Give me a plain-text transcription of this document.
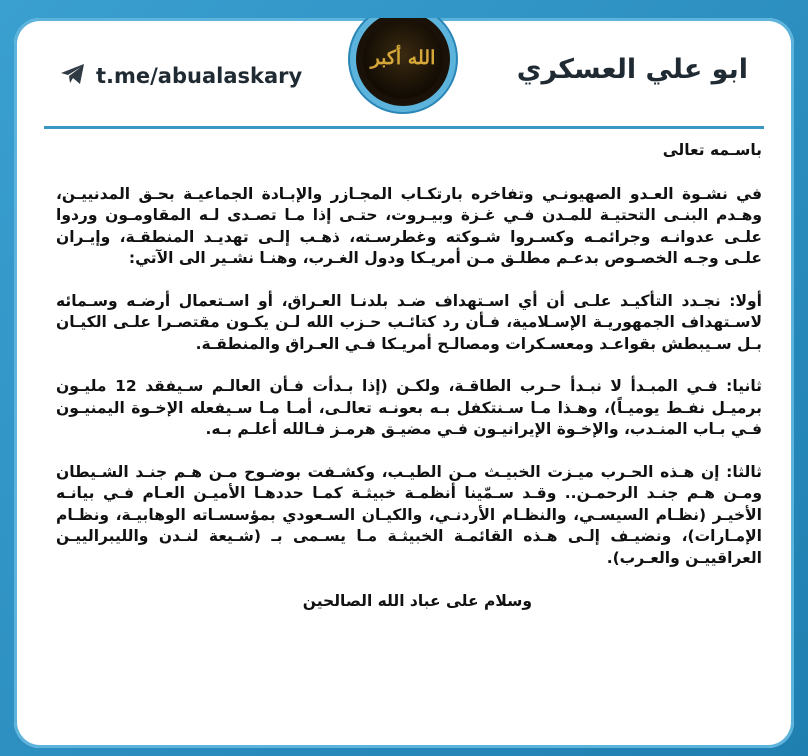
t.me/abualaskary
الله أكبر	ابو علي العسكري

باسـمه تعالى

في نشـوة العـدو الصهيونـي وتفاخره بارتكـاب المجـازر والإبـادة الجماعيـة بحـق المدنييـن، وهـدم البنـى التحتيـة للمـدن فـي غـزة وبيـروت، حتـى إذا مـا تصـدى لـه المقاومـون وردوا علـى عدوانـه وجرائمـه وكسـروا شـوكته وغطرسـته، ذهـب إلـى تهديـد المنطقـة، وإيـران علـى وجـه الخصـوص بدعـم مطلـق مـن أمريـكا ودول الغـرب، وهنـا نشـير الى الآتي:

أولا: نجـدد التأكيـد علـى أن أي اسـتهداف ضـد بلدنـا العـراق، أو اسـتعمال أرضـه وسـمائه لاسـتهداف الجمهوريـة الإسـلامية، فـأن رد كتائـب حـزب الله لـن يكـون مقتصـرا علـى الكيـان بـل سـيبطش بقواعـد ومعسـكرات ومصالـح أمريـكا فـي العـراق والمنطقـة.

ثانيا: فـي المبـدأ لا نبـدأ حـرب الطاقـة، ولكـن (إذا بـدأت فـأن العالـم سـيفقد 12 مليـون برميـل نفـط يوميـاً)، وهـذا مـا سـنتكفل بـه بعونـه تعالـى، أمـا مـا سـيفعله الإخـوة اليمنيـون فـي بـاب المنـدب، والإخـوة الإيرانيـون فـي مضيـق هرمـز فـالله أعلـم بـه.

ثالثا: إن هـذه الحـرب ميـزت الخبيـث مـن الطيـب، وكشـفت بوضـوح مـن هـم جنـد الشـيطان ومـن هـم جنـد الرحمـن.. وقـد سـمّينا أنظمـة خبيثـة كمـا حددهـا الأميـن العـام فـي بيانـه الأخيـر (نظـام السيسـي، والنظـام الأردنـي، والكيـان السـعودي بمؤسسـاته الوهابيـة، ونظـام الإمـارات)، ونضيـف إلـى هـذه القائمـة الخبيثـة مـا يسـمى بـ (شـيعة لنـدن والليبرالييـن العراقييـن والعـرب).

وسلام على عباد الله الصالحين
